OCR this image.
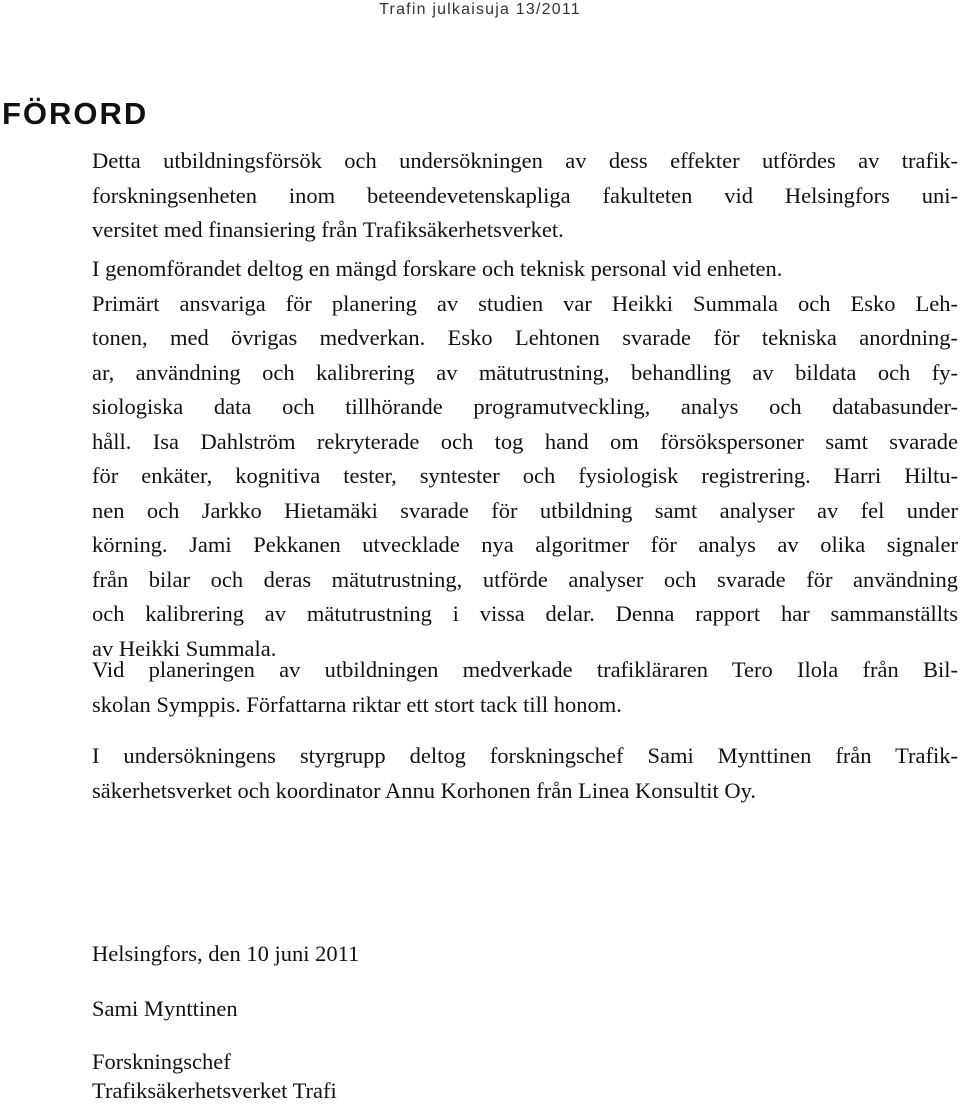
Trafin julkaisuja 13/2011
FÖRORD
Detta utbildningsförsök och undersökningen av dess effekter utfördes av trafik-
forskningsenheten inom beteendevetenskapliga fakulteten vid Helsingfors uni-
versitet med finansiering från Trafiksäkerhetsverket.
I genomförandet deltog en mängd forskare och teknisk personal vid enheten.
Primärt ansvariga för planering av studien var Heikki Summala och Esko Leh-
tonen, med övrigas medverkan. Esko Lehtonen svarade för tekniska anordning-
ar, användning och kalibrering av mätutrustning, behandling av bildata och fy-
siologiska data och tillhörande programutveckling, analys och databasunder-
håll. Isa Dahlström rekryterade och tog hand om försökspersoner samt svarade
för enkäter, kognitiva tester, syntester och fysiologisk registrering. Harri Hiltu-
nen och Jarkko Hietamäki svarade för utbildning samt analyser av fel under
körning. Jami Pekkanen utvecklade nya algoritmer för analys av olika signaler
från bilar och deras mätutrustning, utförde analyser och svarade för användning
och kalibrering av mätutrustning i vissa delar. Denna rapport har sammanställts
av Heikki Summala.
Vid planeringen av utbildningen medverkade trafikläraren Tero Ilola från Bil-
skolan Symppis. Författarna riktar ett stort tack till honom.
I undersökningens styrgrupp deltog forskningschef Sami Mynttinen från Trafik-
säkerhetsverket och koordinator Annu Korhonen från Linea Konsultit Oy.
Helsingfors, den 10 juni 2011
Sami Mynttinen
Forskningschef
Trafiksäkerhetsverket Trafi
